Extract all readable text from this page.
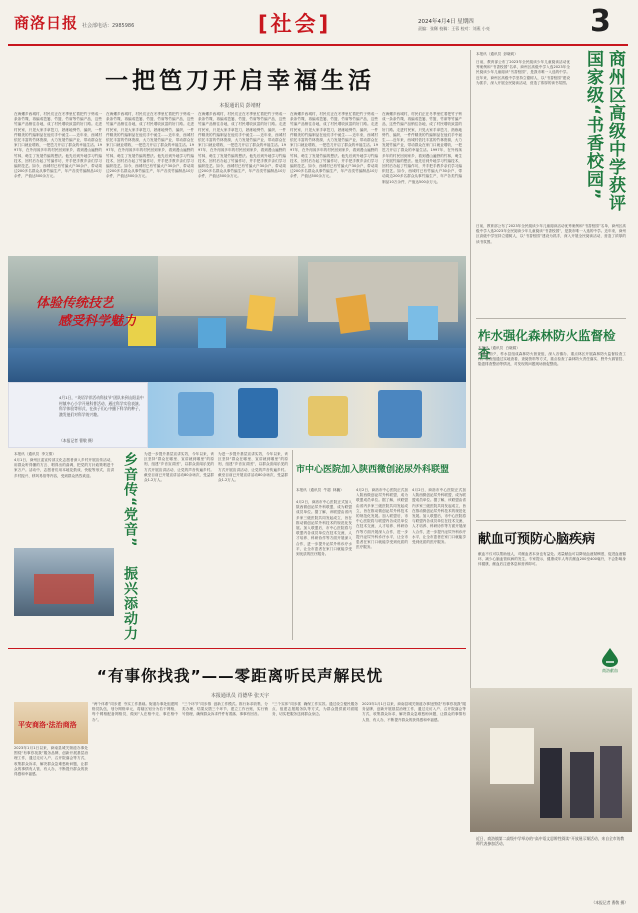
商洛日报 社会部电话：2985986	[社会]	2024年4月4日 星期四
责编：张稀 校稿：王蓉 校对：刘燕 小亮	3
一把笆刀开启幸福生活
本报通讯员 彭靖财
在海螺乡西城村，村民们正在冬季里忙着把竹子劈成一条条竹篾，再编成笆篓、竹篮、竹席等竹编产品，这些竹编产品销往各地，成了村民增收致富的好门路。走进村民家，只见大家手拿笆刀，熟练地劈竹、编织，一件件精美的竹编制品在他们手中诞生……近年来，西城村依托丰富的竹林资源，大力发展竹编产业，带动群众在家门口就业增收，一把笆刀开启了群众的幸福生活。1997年，在外闯荡多年的村民回到家乡，看到漫山遍野的竹林，萌生了发展竹编的想法。他先后到外地学习竹编技术，回村后办起了竹编作坊，并手把手教乡亲们学习编织技艺。如今，西城村已有竹编大户30余户，带动周边200多名群众从事竹编生产，年产各类竹编制品10万余件，产值达500余万元。
在海螺乡西城村，村民们正在冬季里忙着把竹子劈成一条条竹篾，再编成笆篓、竹篮、竹席等竹编产品，这些竹编产品销往各地，成了村民增收致富的好门路。走进村民家，只见大家手拿笆刀，熟练地劈竹、编织，一件件精美的竹编制品在他们手中诞生……近年来，西城村依托丰富的竹林资源，大力发展竹编产业，带动群众在家门口就业增收，一把笆刀开启了群众的幸福生活。1997年，在外闯荡多年的村民回到家乡，看到漫山遍野的竹林，萌生了发展竹编的想法。他先后到外地学习竹编技术，回村后办起了竹编作坊，并手把手教乡亲们学习编织技艺。如今，西城村已有竹编大户30余户，带动周边200多名群众从事竹编生产，年产各类竹编制品10万余件，产值达500余万元。
在海螺乡西城村，村民们正在冬季里忙着把竹子劈成一条条竹篾，再编成笆篓、竹篮、竹席等竹编产品，这些竹编产品销往各地，成了村民增收致富的好门路。走进村民家，只见大家手拿笆刀，熟练地劈竹、编织，一件件精美的竹编制品在他们手中诞生……近年来，西城村依托丰富的竹林资源，大力发展竹编产业，带动群众在家门口就业增收，一把笆刀开启了群众的幸福生活。1997年，在外闯荡多年的村民回到家乡，看到漫山遍野的竹林，萌生了发展竹编的想法。他先后到外地学习竹编技术，回村后办起了竹编作坊，并手把手教乡亲们学习编织技艺。如今，西城村已有竹编大户30余户，带动周边200多名群众从事竹编生产，年产各类竹编制品10万余件，产值达500余万元。
在海螺乡西城村，村民们正在冬季里忙着把竹子劈成一条条竹篾，再编成笆篓、竹篮、竹席等竹编产品，这些竹编产品销往各地，成了村民增收致富的好门路。走进村民家，只见大家手拿笆刀，熟练地劈竹、编织，一件件精美的竹编制品在他们手中诞生……近年来，西城村依托丰富的竹林资源，大力发展竹编产业，带动群众在家门口就业增收，一把笆刀开启了群众的幸福生活。1997年，在外闯荡多年的村民回到家乡，看到漫山遍野的竹林，萌生了发展竹编的想法。他先后到外地学习竹编技术，回村后办起了竹编作坊，并手把手教乡亲们学习编织技艺。如今，西城村已有竹编大户30余户，带动周边200多名群众从事竹编生产，年产各类竹编制品10万余件，产值达500余万元。
在海螺乡西城村，村民们正在冬季里忙着把竹子劈成一条条竹篾，再编成笆篓、竹篮、竹席等竹编产品，这些竹编产品销往各地，成了村民增收致富的好门路。走进村民家，只见大家手拿笆刀，熟练地劈竹、编织，一件件精美的竹编制品在他们手中诞生……近年来，西城村依托丰富的竹林资源，大力发展竹编产业，带动群众在家门口就业增收，一把笆刀开启了群众的幸福生活。1997年，在外闯荡多年的村民回到家乡，看到漫山遍野的竹林，萌生了发展竹编的想法。他先后到外地学习竹编技术，回村后办起了竹编作坊，并手把手教乡亲们学习编织技艺。如今，西城村已有竹编大户30余户，带动周边200多名群众从事竹编生产，年产各类竹编制品10万余件，产值达500余万元。
本报讯（通讯员  彭晓莉）
日前，教育部公布了2023年全民阅读少年儿童阅读活动优秀案例和“书香校园”名单，商州区高级中学入选2023年全民阅读少年儿童阅读“书香校园”，是我市唯一入选的中学。近年来，商州区高级中学坚持立德树人，以“书香校园”建设为抓手，深入开展全民阅读活动，营造了浓厚的读书氛围。	商州区高级中学获评国家级“书香校园”
日前，教育部公布了2023年全民阅读少年儿童阅读活动优秀案例和“书香校园”名单，商州区高级中学入选2023年全民阅读少年儿童阅读“书香校园”，是我市唯一入选的中学。近年来，商州区高级中学坚持立德树人，以“书香校园”建设为抓手，深入开展全民阅读活动，营造了浓厚的读书氛围。
柞水强化森林防火监督检查
本报讯（通讯员  白晓娟）
清明节前夕，柞水县组成森林防火督查组，深入各镇办、重点林区开展森林防火监督检查工作。检查组通过实地查看、查阅资料等方式，重点检查了森林防火责任落实、野外火源管控、隐患排查整治等情况，对发现的问题现场督促整改。
献血可预防心脑疾病
献血不仅可以帮助他人，对献血者本身也有益处。适量献血可以降低血液黏稠度，促进血液循环，减少心脑血管疾病的发生。专家提示，健康成年人每次献血200至400毫升，不会影响身体健康，献血后注意休息和营养即可。
商洛献血
体验传统技艺
感受科学魅力
4月1日，“英语学伴活动科技节”团队来到山阳县中村镇中心小学开展科普活动，通过科学实验表演、科学体验等形式，在孩子们心中播下科学的种子，激发他们对科学的兴趣。
（本报记者 曹敬 摄）
本报讯（通讯员  李文倩）
4月1日，商州区委宣传部文化志愿者深入乡村开展宣传活动，用群众听得懂的方言、唱得出的曲调，把党的方针政策唱进千家万户。活动中，志愿者们用本地花鼓戏、快板等形式，宣讲乡村振兴、移风易俗等内容，受到群众热烈欢迎。	乡音传“党音”
振兴添动力
为进一步提升基层宣讲实效，今年以来，该区坚持“群众在哪里、宣讲就到哪里”的原则，组建“乡音宣讲团”，以群众喜闻乐见的方式开展宣讲活动，让党的声音传遍乡村。截至目前已开展宣讲活动80余场次，受益群众1.2万人。
为进一步提升基层宣讲实效，今年以来，该区坚持“群众在哪里、宣讲就到哪里”的原则，组建“乡音宣讲团”，以群众喜闻乐见的方式开展宣讲活动，让党的声音传遍乡村。截至目前已开展宣讲活动80余场次，受益群众1.2万人。
市中心医院加入陕西微创泌尿外科联盟
本报讯（通讯员  牛超  林巍）
4月2日，商洛市中心医院正式加入陕西微创泌尿外科联盟，成为联盟成员单位。据了解，该联盟由省内多家三级医院共同发起成立，旨在推动微创泌尿外科技术的规范化发展。加入联盟后，市中心医院将与联盟内各成员单位在技术交流、人才培养、科研协作等方面开展深入合作，进一步提升泌尿外科诊疗水平，让全市患者在家门口就能享受到优质的医疗服务。
4月2日，商洛市中心医院正式加入陕西微创泌尿外科联盟，成为联盟成员单位。据了解，该联盟由省内多家三级医院共同发起成立，旨在推动微创泌尿外科技术的规范化发展。加入联盟后，市中心医院将与联盟内各成员单位在技术交流、人才培养、科研协作等方面开展深入合作，进一步提升泌尿外科诊疗水平，让全市患者在家门口就能享受到优质的医疗服务。
4月2日，商洛市中心医院正式加入陕西微创泌尿外科联盟，成为联盟成员单位。据了解，该联盟由省内多家三级医院共同发起成立，旨在推动微创泌尿外科技术的规范化发展。加入联盟后，市中心医院将与联盟内各成员单位在技术交流、人才培养、科研协作等方面开展深入合作，进一步提升泌尿外科诊疗水平，让全市患者在家门口就能享受到优质的医疗服务。
“有事你找我”——零距离听民声解民忧
本报通讯员 肖德华 张天宇
平安商洛·法治商洛
2023年1月1日以来，商南县城关街道办事处围绕“有事你找我”服务品牌，创新开展基层治理工作，通过走访入户、召开院落会等方式，收集群众诉求，解决群众急难愁盼问题，让群众的事情有人管、有人办，不断提升群众的获得感和幸福感。
“两个体系”同步建  夯实工作基础。街道办事处组建网格员队伍，划分网格单元，将辖区划分为若干网格，每个网格配备网格员，做到“人在格中走、事在格中办”。
“三个环节”同步推  创新工作模式。推行诉求收集、分类办理、结果反馈三个环节，建立工作台账，实行销号管理，确保群众诉求件件有着落、事事有回音。
“三个实体”同步抓  确保工作实效。通过设立便民服务点、组建志愿服务队等方式，为群众提供面对面服务，切实把服务送到群众身边。
2023年1月1日以来，商南县城关街道办事处围绕“有事你找我”服务品牌，创新开展基层治理工作，通过走访入户、召开院落会等方式，收集群众诉求，解决群众急难愁盼问题，让群众的事情有人管、有人办，不断提升群众的获得感和幸福感。
近日，商洛镇第二高级中学举办的“高中语文思辨性阅读”开放展示课活动，来自全市的教师代表参加活动。
（本报记者 曹敬 摄）
